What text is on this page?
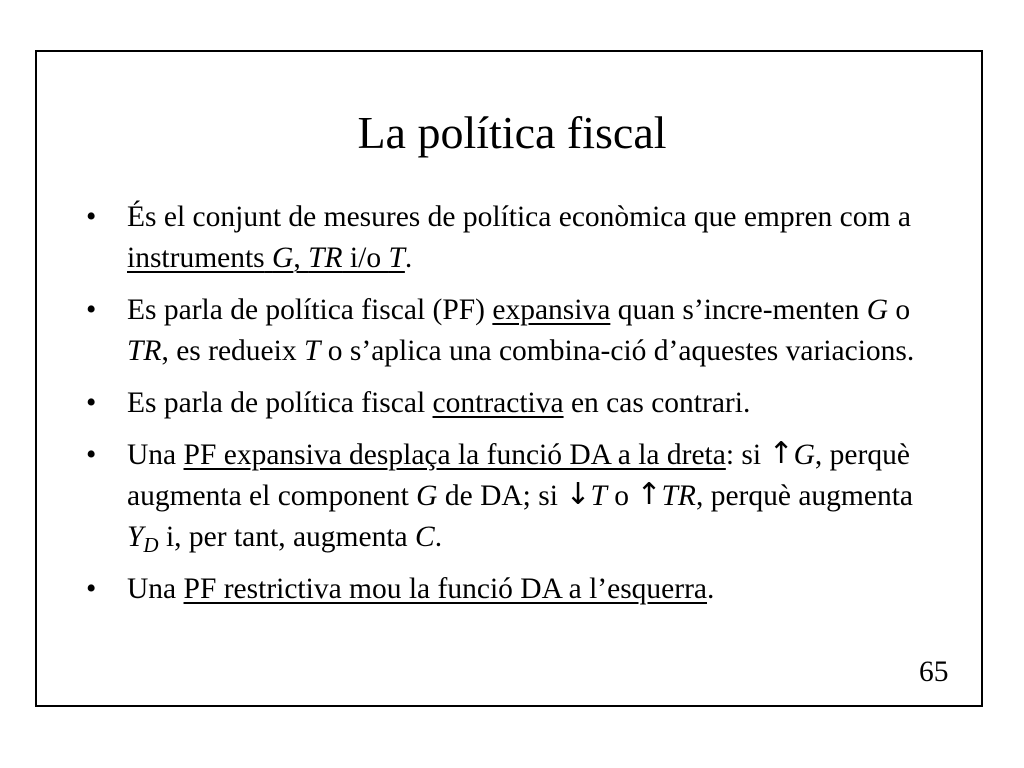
La política fiscal
• És el conjunt de mesures de política econòmica que empren com a instruments G, TR i/o T.
• Es parla de política fiscal (PF) expansiva quan s’incre-menten G o TR, es redueix T o s’aplica una combina-ció d’aquestes variacions.
• Es parla de política fiscal contractiva en cas contrari.
• Una PF expansiva desplaça la funció DA a la dreta: si ↑G, perquè augmenta el component G de DA; si ↓T o ↑TR, perquè augmenta $Y_D$ i, per tant, augmenta C.
• Una PF restrictiva mou la funció DA a l’esquerra.
65
